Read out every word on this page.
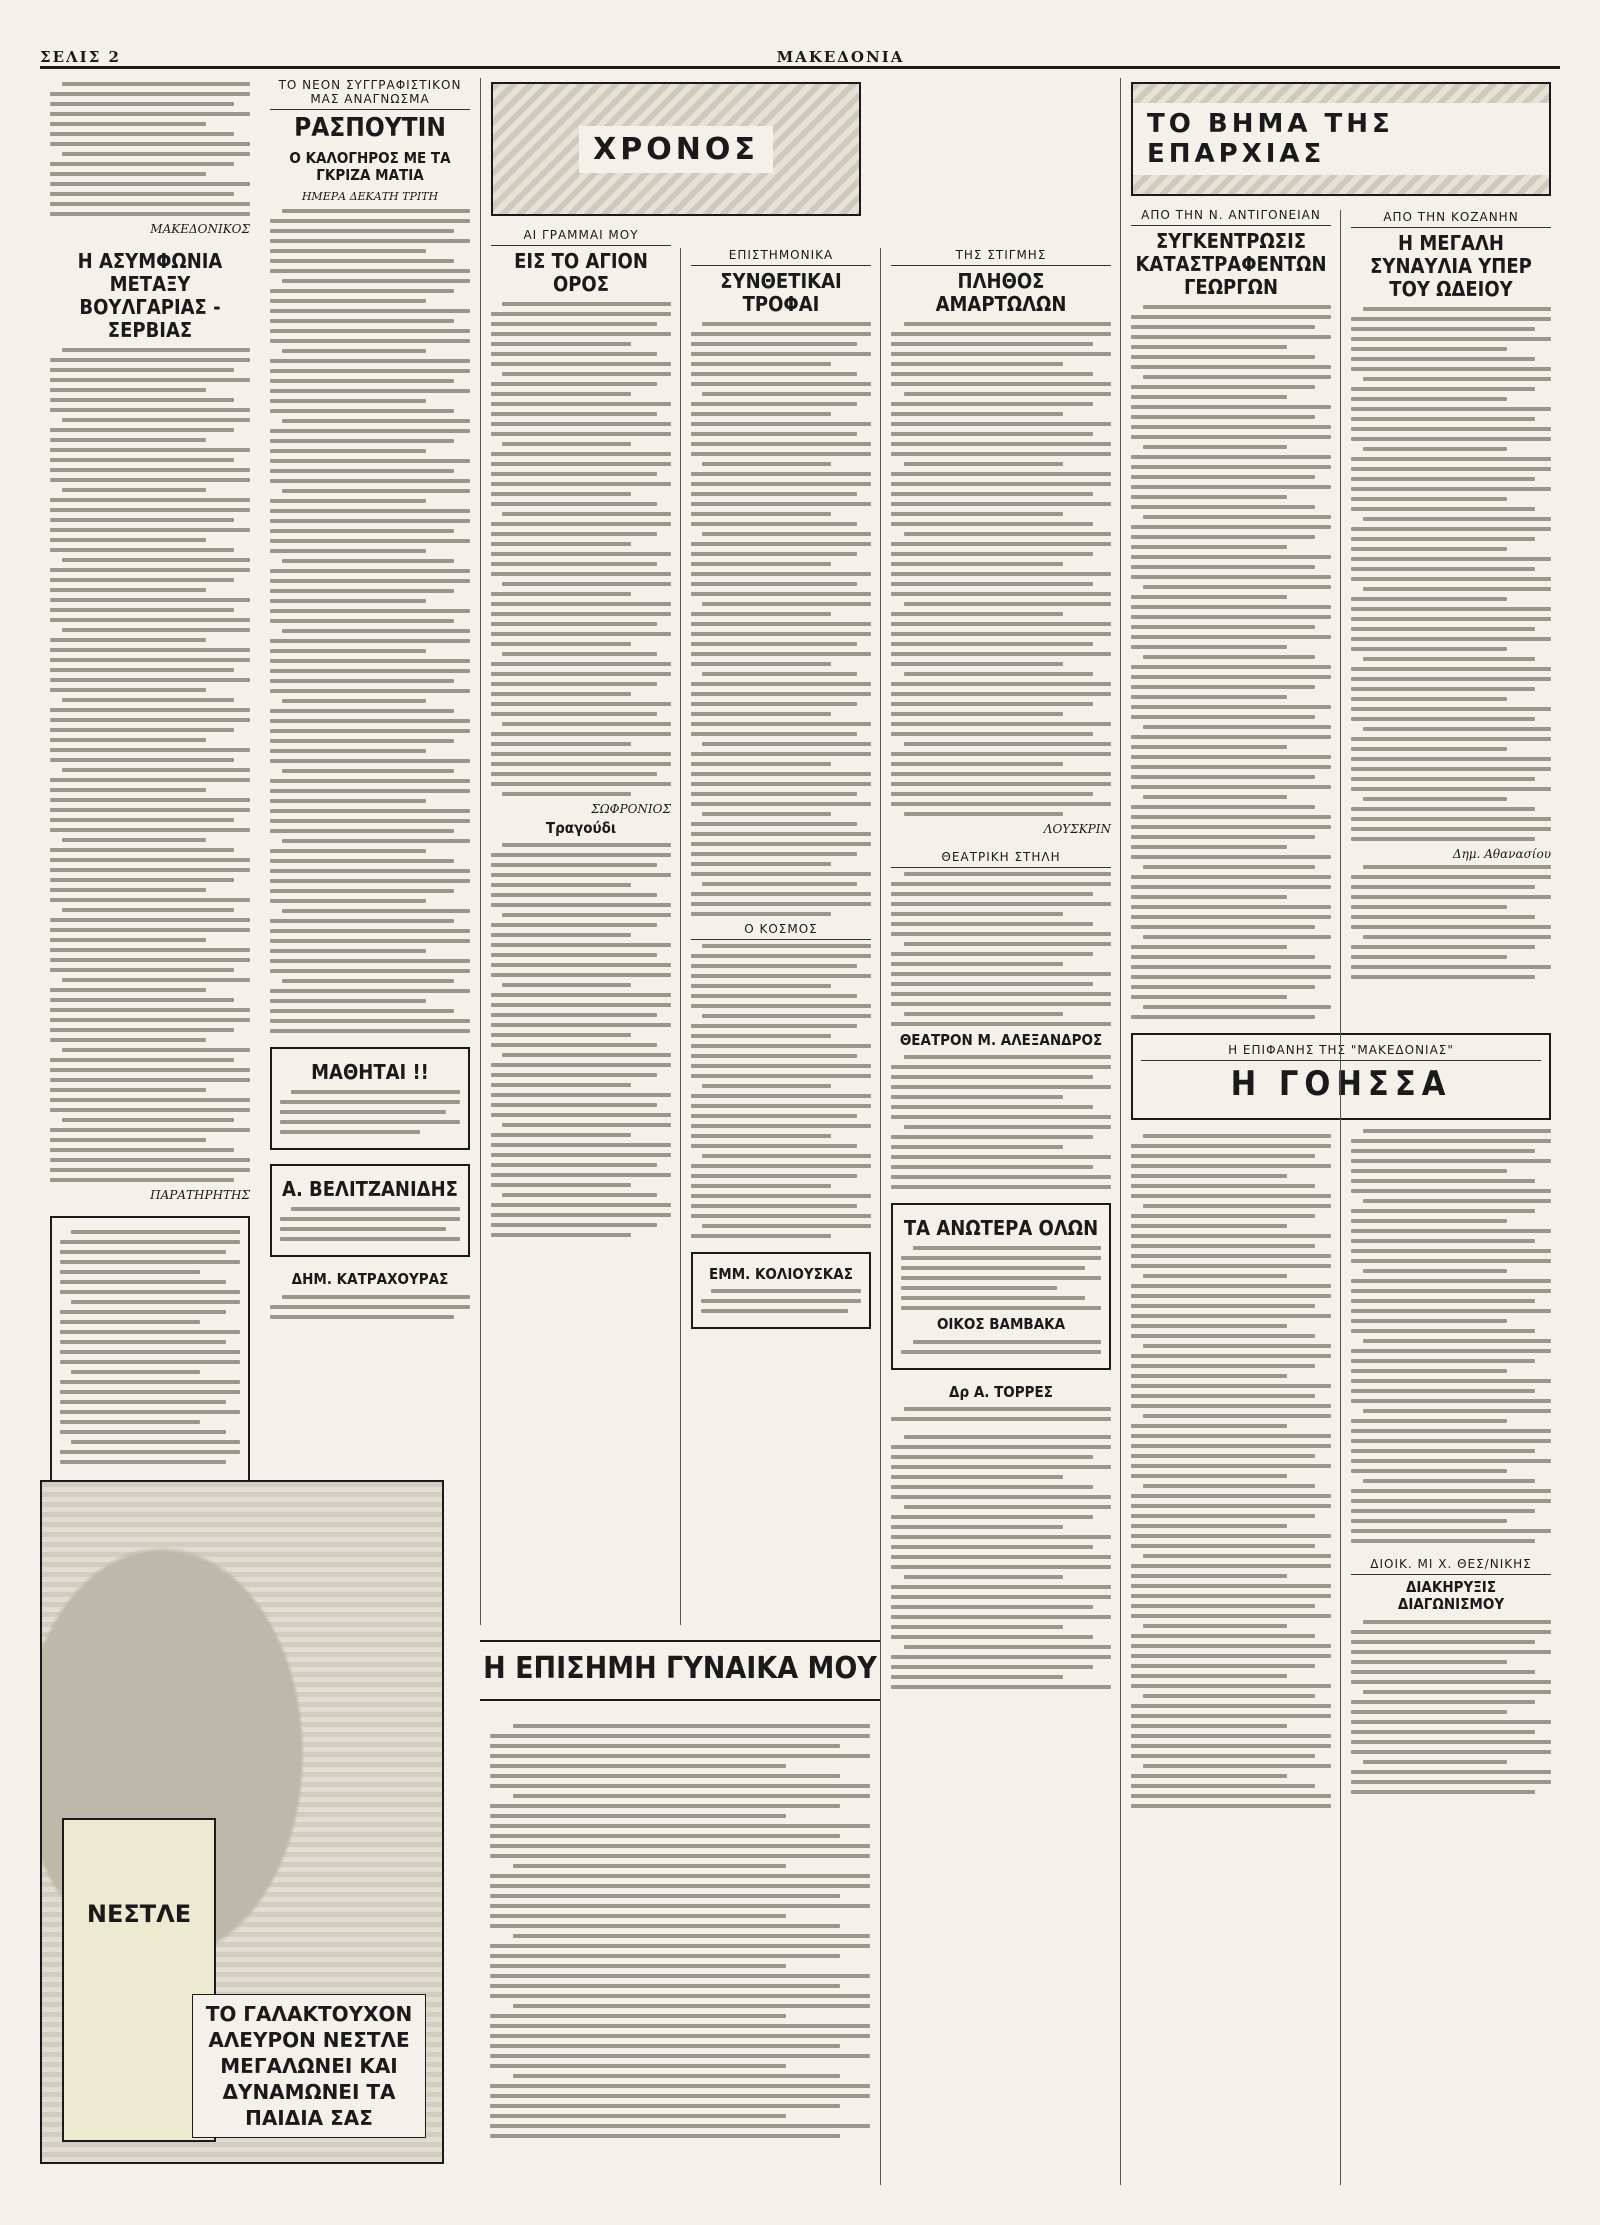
ΣΕΛΙΣ 2	ΜΑΚΕΔΟΝΙΑ
ΜΑΚΕΔΟΝΙΚΟΣ
Η ΑΣΥΜΦΩΝΙΑ ΜΕΤΑΞΥ ΒΟΥΛΓΑΡΙΑΣ - ΣΕΡΒΙΑΣ
ΠΑΡΑΤΗΡΗΤΗΣ
ΝΕΣΤΛΕ
ΤΟ ΓΑΛΑΚΤΟΥΧΟΝ ΑΛΕΥΡΟΝ ΝΕΣΤΛΕ ΜΕΓΑΛΩΝΕΙ ΚΑΙ ΔΥΝΑΜΩΝΕΙ ΤΑ ΠΑΙΔΙΑ ΣΑΣ
ΤΟ ΝΕΟΝ ΣΥΓΓΡΑΦΙΣΤΙΚΟΝ ΜΑΣ ΑΝΑΓΝΩΣΜΑ
ΡΑΣΠΟΥΤΙΝ
Ο ΚΑΛΟΓΗΡΟΣ ΜΕ ΤΑ ΓΚΡΙΖΑ ΜΑΤΙΑ
ΗΜΕΡΑ ΔΕΚΑΤΗ ΤΡΙΤΗ
ΜΑΘΗΤΑΙ !!
Α. ΒΕΛΙΤΖΑΝΙΔΗΣ
ΔΗΜ. ΚΑΤΡΑΧΟΥΡΑΣ
ΧΡΟΝΟΣ
ΑΙ ΓΡΑΜΜΑΙ ΜΟΥ
ΕΙΣ ΤΟ ΑΓΙΟΝ ΟΡΟΣ
ΣΩΦΡΟΝΙΟΣ
Τραγούδι
ΕΠΙΣΤΗΜΟΝΙΚΑ
ΣΥΝΘΕΤΙΚΑΙ ΤΡΟΦΑΙ
Ο ΚΟΣΜΟΣ
ΕΜΜ. ΚΟΛΙΟΥΣΚΑΣ
ΤΗΣ ΣΤΙΓΜΗΣ
ΠΛΗΘΟΣ ΑΜΑΡΤΩΛΩΝ
ΛΟΥΣΚΡΙΝ
ΘΕΑΤΡΙΚΗ ΣΤΗΛΗ
ΘΕΑΤΡΟΝ Μ. ΑΛΕΞΑΝΔΡΟΣ
ΤΑ ΑΝΩΤΕΡΑ ΟΛΩΝ
ΟΙΚΟΣ ΒΑΜΒΑΚΑ
Δρ Α. ΤΟΡΡΕΣ
Η ΕΠΙΣΗΜΗ ΓΥΝΑΙΚΑ ΜΟΥ
ΤΟ ΒΗΜΑ ΤΗΣ ΕΠΑΡΧΙΑΣ
ΑΠΟ ΤΗΝ Ν. ΑΝΤΙΓΟΝΕΙΑΝ
ΣΥΓΚΕΝΤΡΩΣΙΣ ΚΑΤΑΣΤΡΑΦΕΝΤΩΝ ΓΕΩΡΓΩΝ
Η ΕΠΙΦΑΝΗΣ ΤΗΣ "ΜΑΚΕΔΟΝΙΑΣ"
Η ΓΟΗΣΣΑ
ΑΠΟ ΤΗΝ ΚΟΖΑΝΗΝ
Η ΜΕΓΑΛΗ ΣΥΝΑΥΛΙΑ ΥΠΕΡ ΤΟΥ ΩΔΕΙΟΥ
Δημ. Αθανασίου
ΔΙΟΙΚ. ΜΙ Χ. ΘΕΣ/ΝΙΚΗΣ
ΔΙΑΚΗΡΥΞΙΣ ΔΙΑΓΩΝΙΣΜΟΥ
